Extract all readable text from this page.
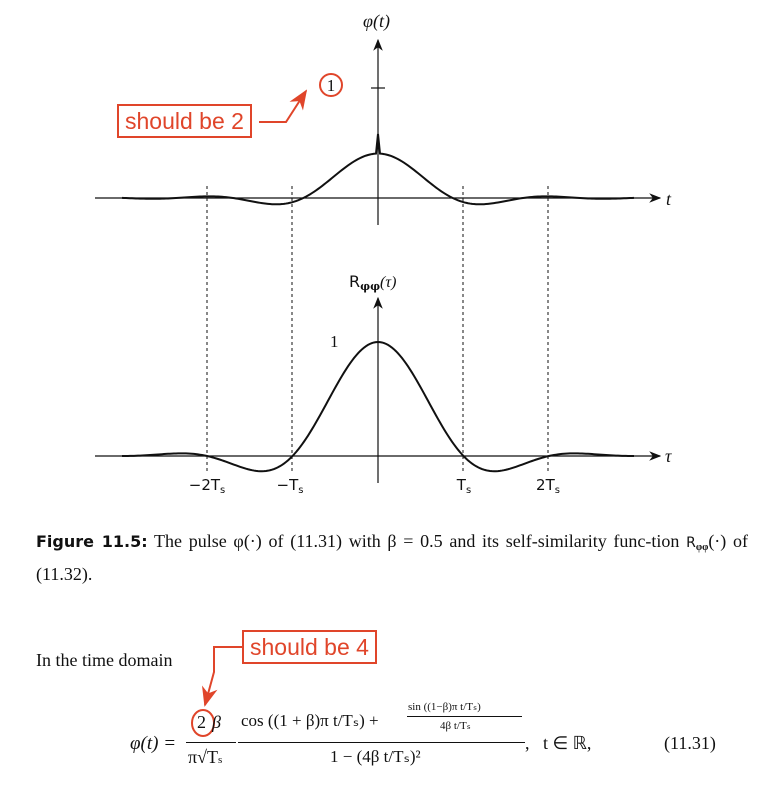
φ(t)
t
1
Rφφ(τ)
1
τ
$-2T_s$	$-T_s$	$T_s$	$2T_s$
should be 2
Figure 11.5: The pulse φ(·) of (11.31) with β = 0.5 and its self-similarity func-tion $R_{\varphi\varphi}(\cdot)$ of (11.32).
In the time domain	should be 4
φ(t) =
2 β
π√Ts
cos ((1 + β)π t/Tₛ) +
sin ((1−β)π t/Tₛ)
4β t/Tₛ
1 − (4β t/Tₛ)²
,   t ∈ ℝ,	(11.31)
